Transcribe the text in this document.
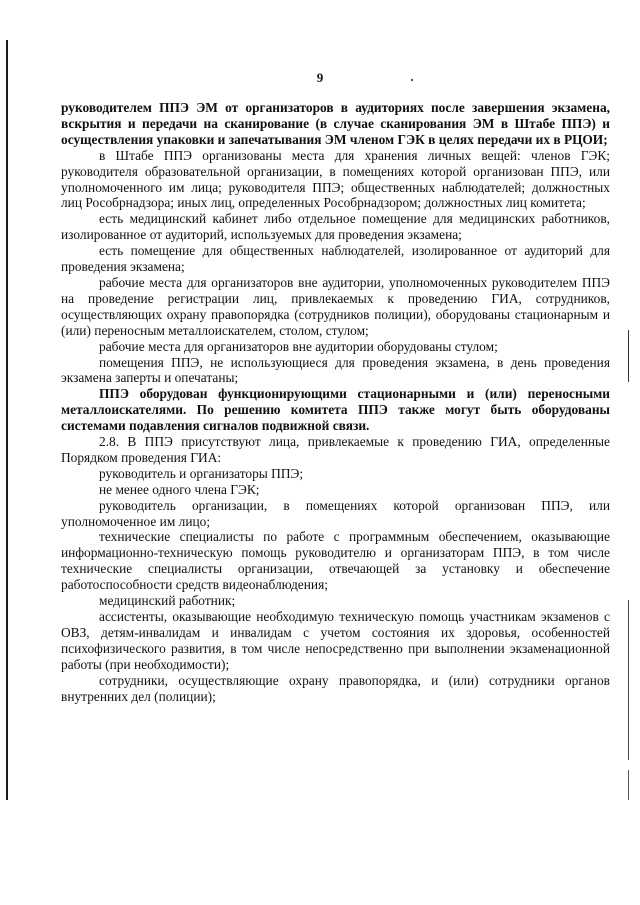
9

руководителем ППЭ ЭМ от организаторов в аудиториях после завершения экзамена, вскрытия и передачи на сканирование (в случае сканирования ЭМ в Штабе ППЭ) и осуществления упаковки и запечатывания ЭМ членом ГЭК в целях передачи их в РЦОИ;

в Штабе ППЭ организованы места для хранения личных вещей: членов ГЭК; руководителя образовательной организации, в помещениях которой организован ППЭ, или уполномоченного им лица; руководителя ППЭ; общественных наблюдателей; должностных лиц Рособрнадзора; иных лиц, определенных Рособрнадзором; должностных лиц комитета;

есть медицинский кабинет либо отдельное помещение для медицинских работников, изолированное от аудиторий, используемых для проведения экзамена;

есть помещение для общественных наблюдателей, изолированное от аудиторий для проведения экзамена;

рабочие места для организаторов вне аудитории, уполномоченных руководителем ППЭ на проведение регистрации лиц, привлекаемых к проведению ГИА, сотрудников, осуществляющих охрану правопорядка (сотрудников полиции), оборудованы стационарным и (или) переносным металлоискателем, столом, стулом;

рабочие места для организаторов вне аудитории оборудованы стулом;

помещения ППЭ, не использующиеся для проведения экзамена, в день проведения экзамена заперты и опечатаны;

ППЭ оборудован функционирующими стационарными и (или) переносными металлоискателями. По решению комитета ППЭ также могут быть оборудованы системами подавления сигналов подвижной связи.

2.8. В ППЭ присутствуют лица, привлекаемые к проведению ГИА, определенные Порядком проведения ГИА:

руководитель и организаторы ППЭ;

не менее одного члена ГЭК;

руководитель организации, в помещениях которой организован ППЭ, или уполномоченное им лицо;

технические специалисты по работе с программным обеспечением, оказывающие информационно-техническую помощь руководителю и организаторам ППЭ, в том числе технические специалисты организации, отвечающей за установку и обеспечение работоспособности средств видеонаблюдения;

медицинский работник;

ассистенты, оказывающие необходимую техническую помощь участникам экзаменов с ОВЗ, детям-инвалидам и инвалидам с учетом состояния их здоровья, особенностей психофизического развития, в том числе непосредственно при выполнении экзаменационной работы (при необходимости);

сотрудники, осуществляющие охрану правопорядка, и (или) сотрудники органов внутренних дел (полиции);
